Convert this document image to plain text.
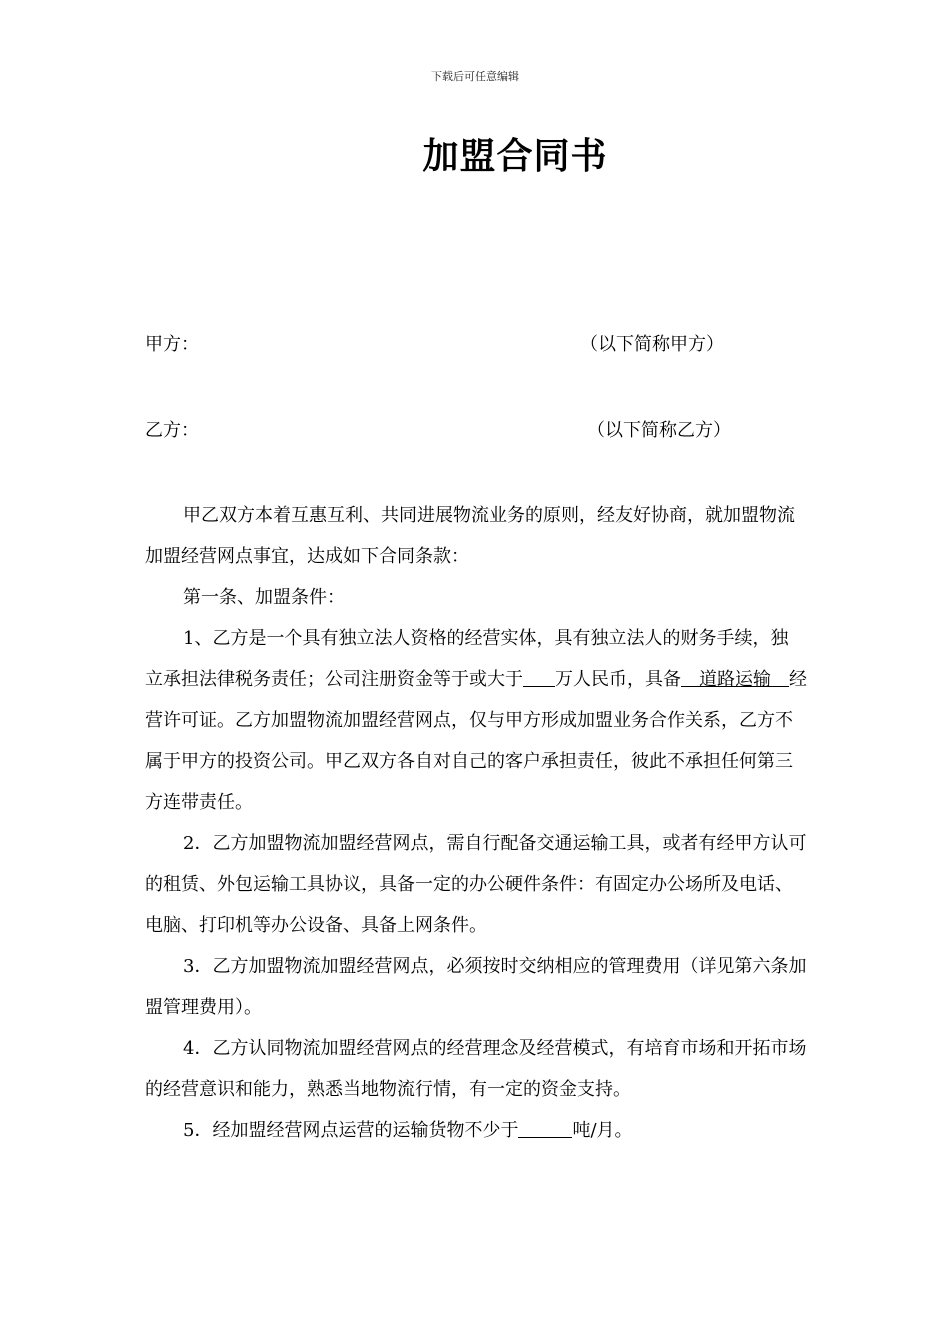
下载后可任意编辑
加盟合同书
甲方：	（以下简称甲方）
乙方：	（以下简称乙方）

甲乙双方本着互惠互利、共同进展物流业务的原则，经友好协商，就加盟物流加盟经营网点事宜，达成如下合同条款：

第一条、加盟条件：

1、乙方是一个具有独立法人资格的经营实体，具有独立法人的财务手续，独　立承担法律税务责任；公司注册资金等于或大于 万人民币，具备　道路运输　经营许可证。乙方加盟物流加盟经营网点，仅与甲方形成加盟业务合作关系，乙方不属于甲方的投资公司。甲乙双方各自对自己的客户承担责任，彼此不承担任何第三方连带责任。

2．乙方加盟物流加盟经营网点，需自行配备交通运输工具，或者有经甲方认可的租赁、外包运输工具协议，具备一定的办公硬件条件：有固定办公场所及电话、电脑、打印机等办公设备、具备上网条件。

3．乙方加盟物流加盟经营网点，必须按时交纳相应的管理费用（详见第六条加盟管理费用）。

4．乙方认同物流加盟经营网点的经营理念及经营模式，有培育市场和开拓市场的经营意识和能力，熟悉当地物流行情，有一定的资金支持。

5．经加盟经营网点运营的运输货物不少于	吨/月。
